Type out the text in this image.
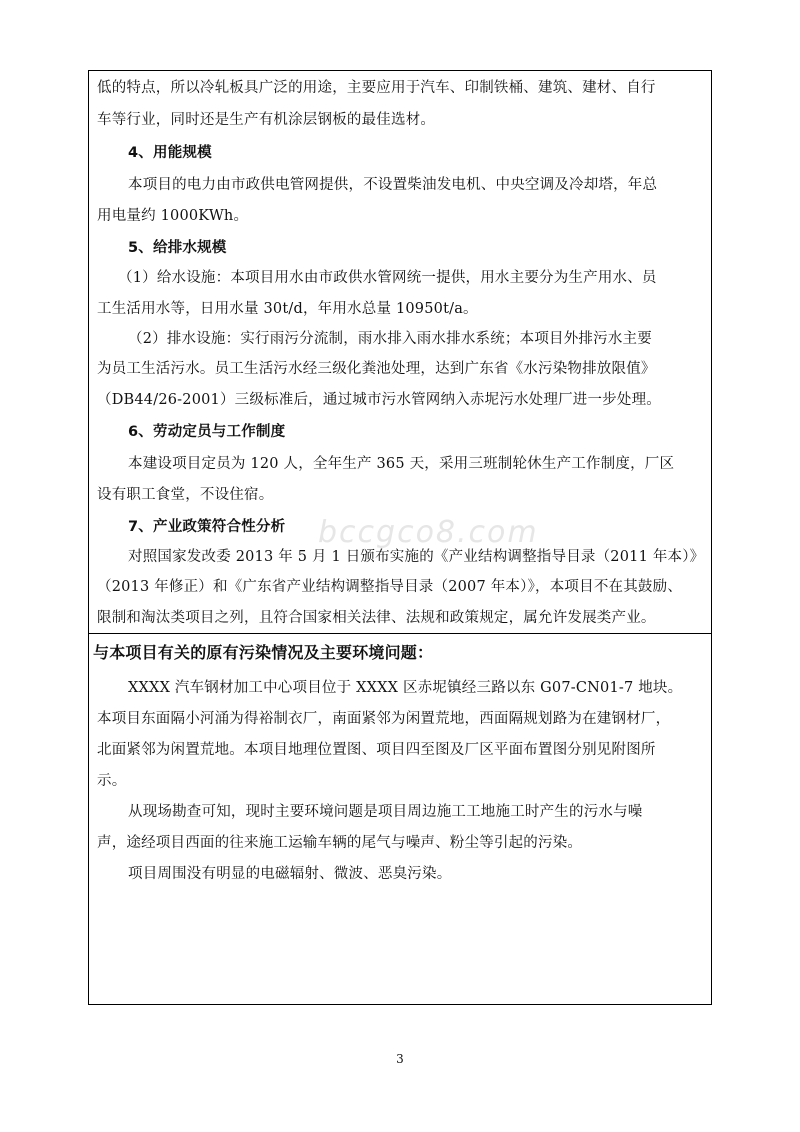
bccgco8.com
低的特点，所以冷轧板具广泛的用途，主要应用于汽车、印制铁桶、建筑、建材、自行
车等行业，同时还是生产有机涂层钢板的最佳选材。
4、用能规模
本项目的电力由市政供电管网提供，不设置柴油发电机、中央空调及冷却塔，年总
用电量约 1000KWh。
5、给排水规模
（1）给水设施：本项目用水由市政供水管网统一提供，用水主要分为生产用水、员
工生活用水等，日用水量 30t/d，年用水总量 10950t/a。
（2）排水设施：实行雨污分流制，雨水排入雨水排水系统；本项目外排污水主要
为员工生活污水。员工生活污水经三级化粪池处理，达到广东省《水污染物排放限值》
（DB44/26-2001）三级标准后，通过城市污水管网纳入赤坭污水处理厂进一步处理。
6、劳动定员与工作制度
本建设项目定员为 120 人，全年生产 365 天，采用三班制轮休生产工作制度，厂区
设有职工食堂，不设住宿。
7、产业政策符合性分析
对照国家发改委 2013 年 5 月 1 日颁布实施的《产业结构调整指导目录（2011 年本）》
（2013 年修正）和《广东省产业结构调整指导目录（2007 年本）》，本项目不在其鼓励、
限制和淘汰类项目之列，且符合国家相关法律、法规和政策规定，属允许发展类产业。
与本项目有关的原有污染情况及主要环境问题：
XXXX 汽车钢材加工中心项目位于 XXXX 区赤坭镇经三路以东 G07-CN01-7 地块。
本项目东面隔小河涌为得裕制衣厂，南面紧邻为闲置荒地，西面隔规划路为在建钢材厂，
北面紧邻为闲置荒地。本项目地理位置图、项目四至图及厂区平面布置图分别见附图所
示。
从现场勘查可知，现时主要环境问题是项目周边施工工地施工时产生的污水与噪
声，途经项目西面的往来施工运输车辆的尾气与噪声、粉尘等引起的污染。
项目周围没有明显的电磁辐射、微波、恶臭污染。
3
